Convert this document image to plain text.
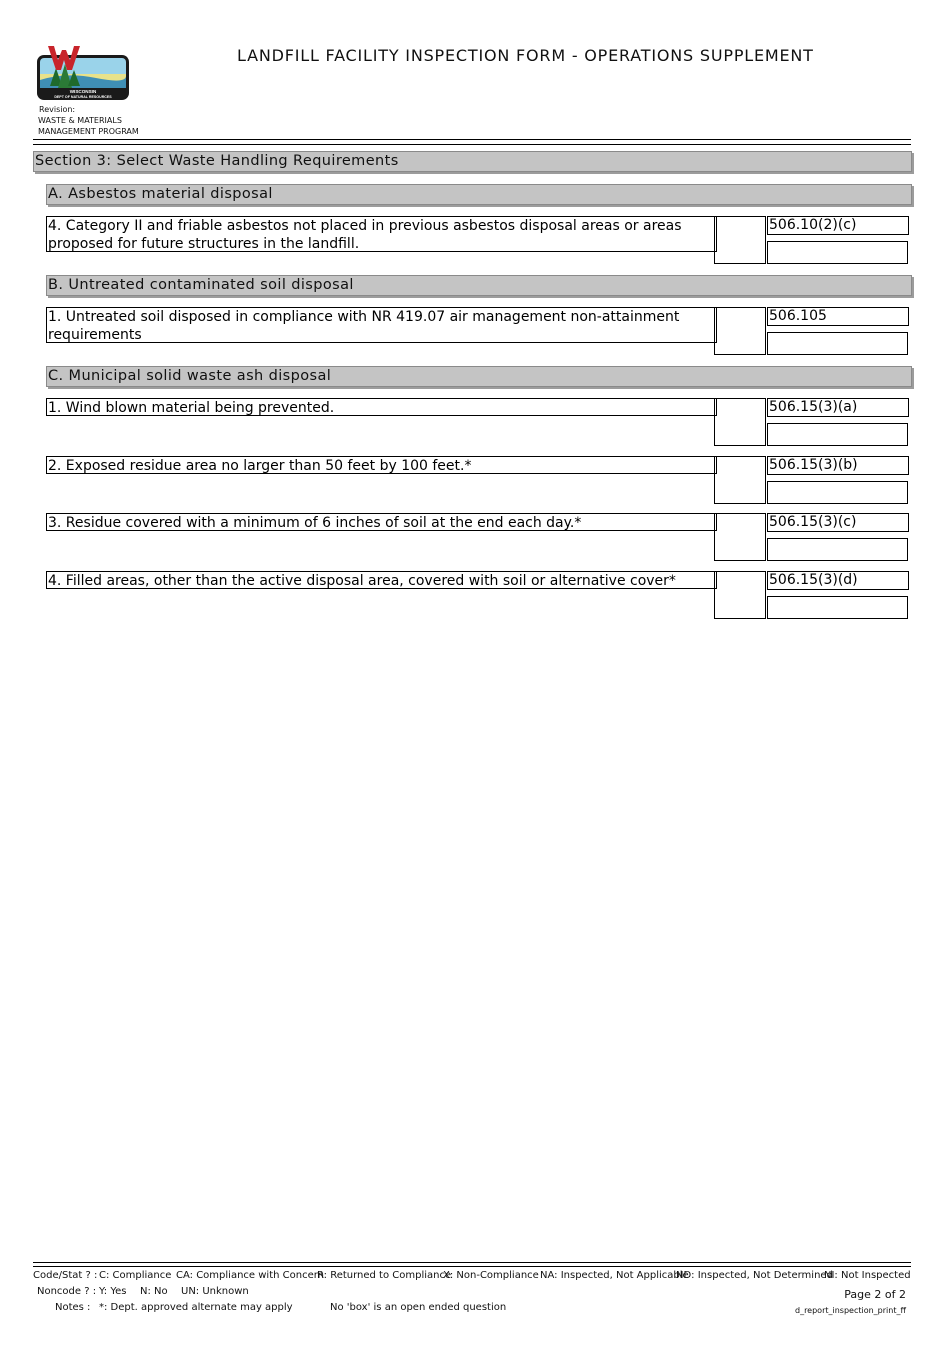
WISCONSIN
DEPT OF NATURAL RESOURCES
Revision:
WASTE & MATERIALS
MANAGEMENT PROGRAM
LANDFILL FACILITY INSPECTION FORM - OPERATIONS SUPPLEMENT
Section 3: Select Waste Handling Requirements
A. Asbestos material disposal
4. Category II and friable asbestos not placed in previous asbestos disposal areas or areas proposed for future structures in the landfill.
506.10(2)(c)
B. Untreated contaminated soil disposal
1. Untreated soil disposed in compliance with NR 419.07 air management non-attainment requirements
506.105
C. Municipal solid waste ash disposal
1. Wind blown material being prevented.	506.15(3)(a)
2. Exposed residue area no larger than 50 feet by 100 feet.*	506.15(3)(b)
3. Residue covered with a minimum of 6 inches of soil at the end each day.*	506.15(3)(c)
4. Filled areas, other than the active disposal area, covered with soil or alternative cover*	506.15(3)(d)
Code/Stat ? : C: Compliance CA: Compliance with Concern
R: Returned to Compliance
X: Non-Compliance NA: Inspected, Not Applicable
ND: Inspected, Not Determined
NI: Not Inspected
Noncode ? : Y: Yes N: No UN: Unknown
Notes : *: Dept. approved alternate may apply	No 'box' is an open ended question
Page 2 of 2
d_report_inspection_print_ff
